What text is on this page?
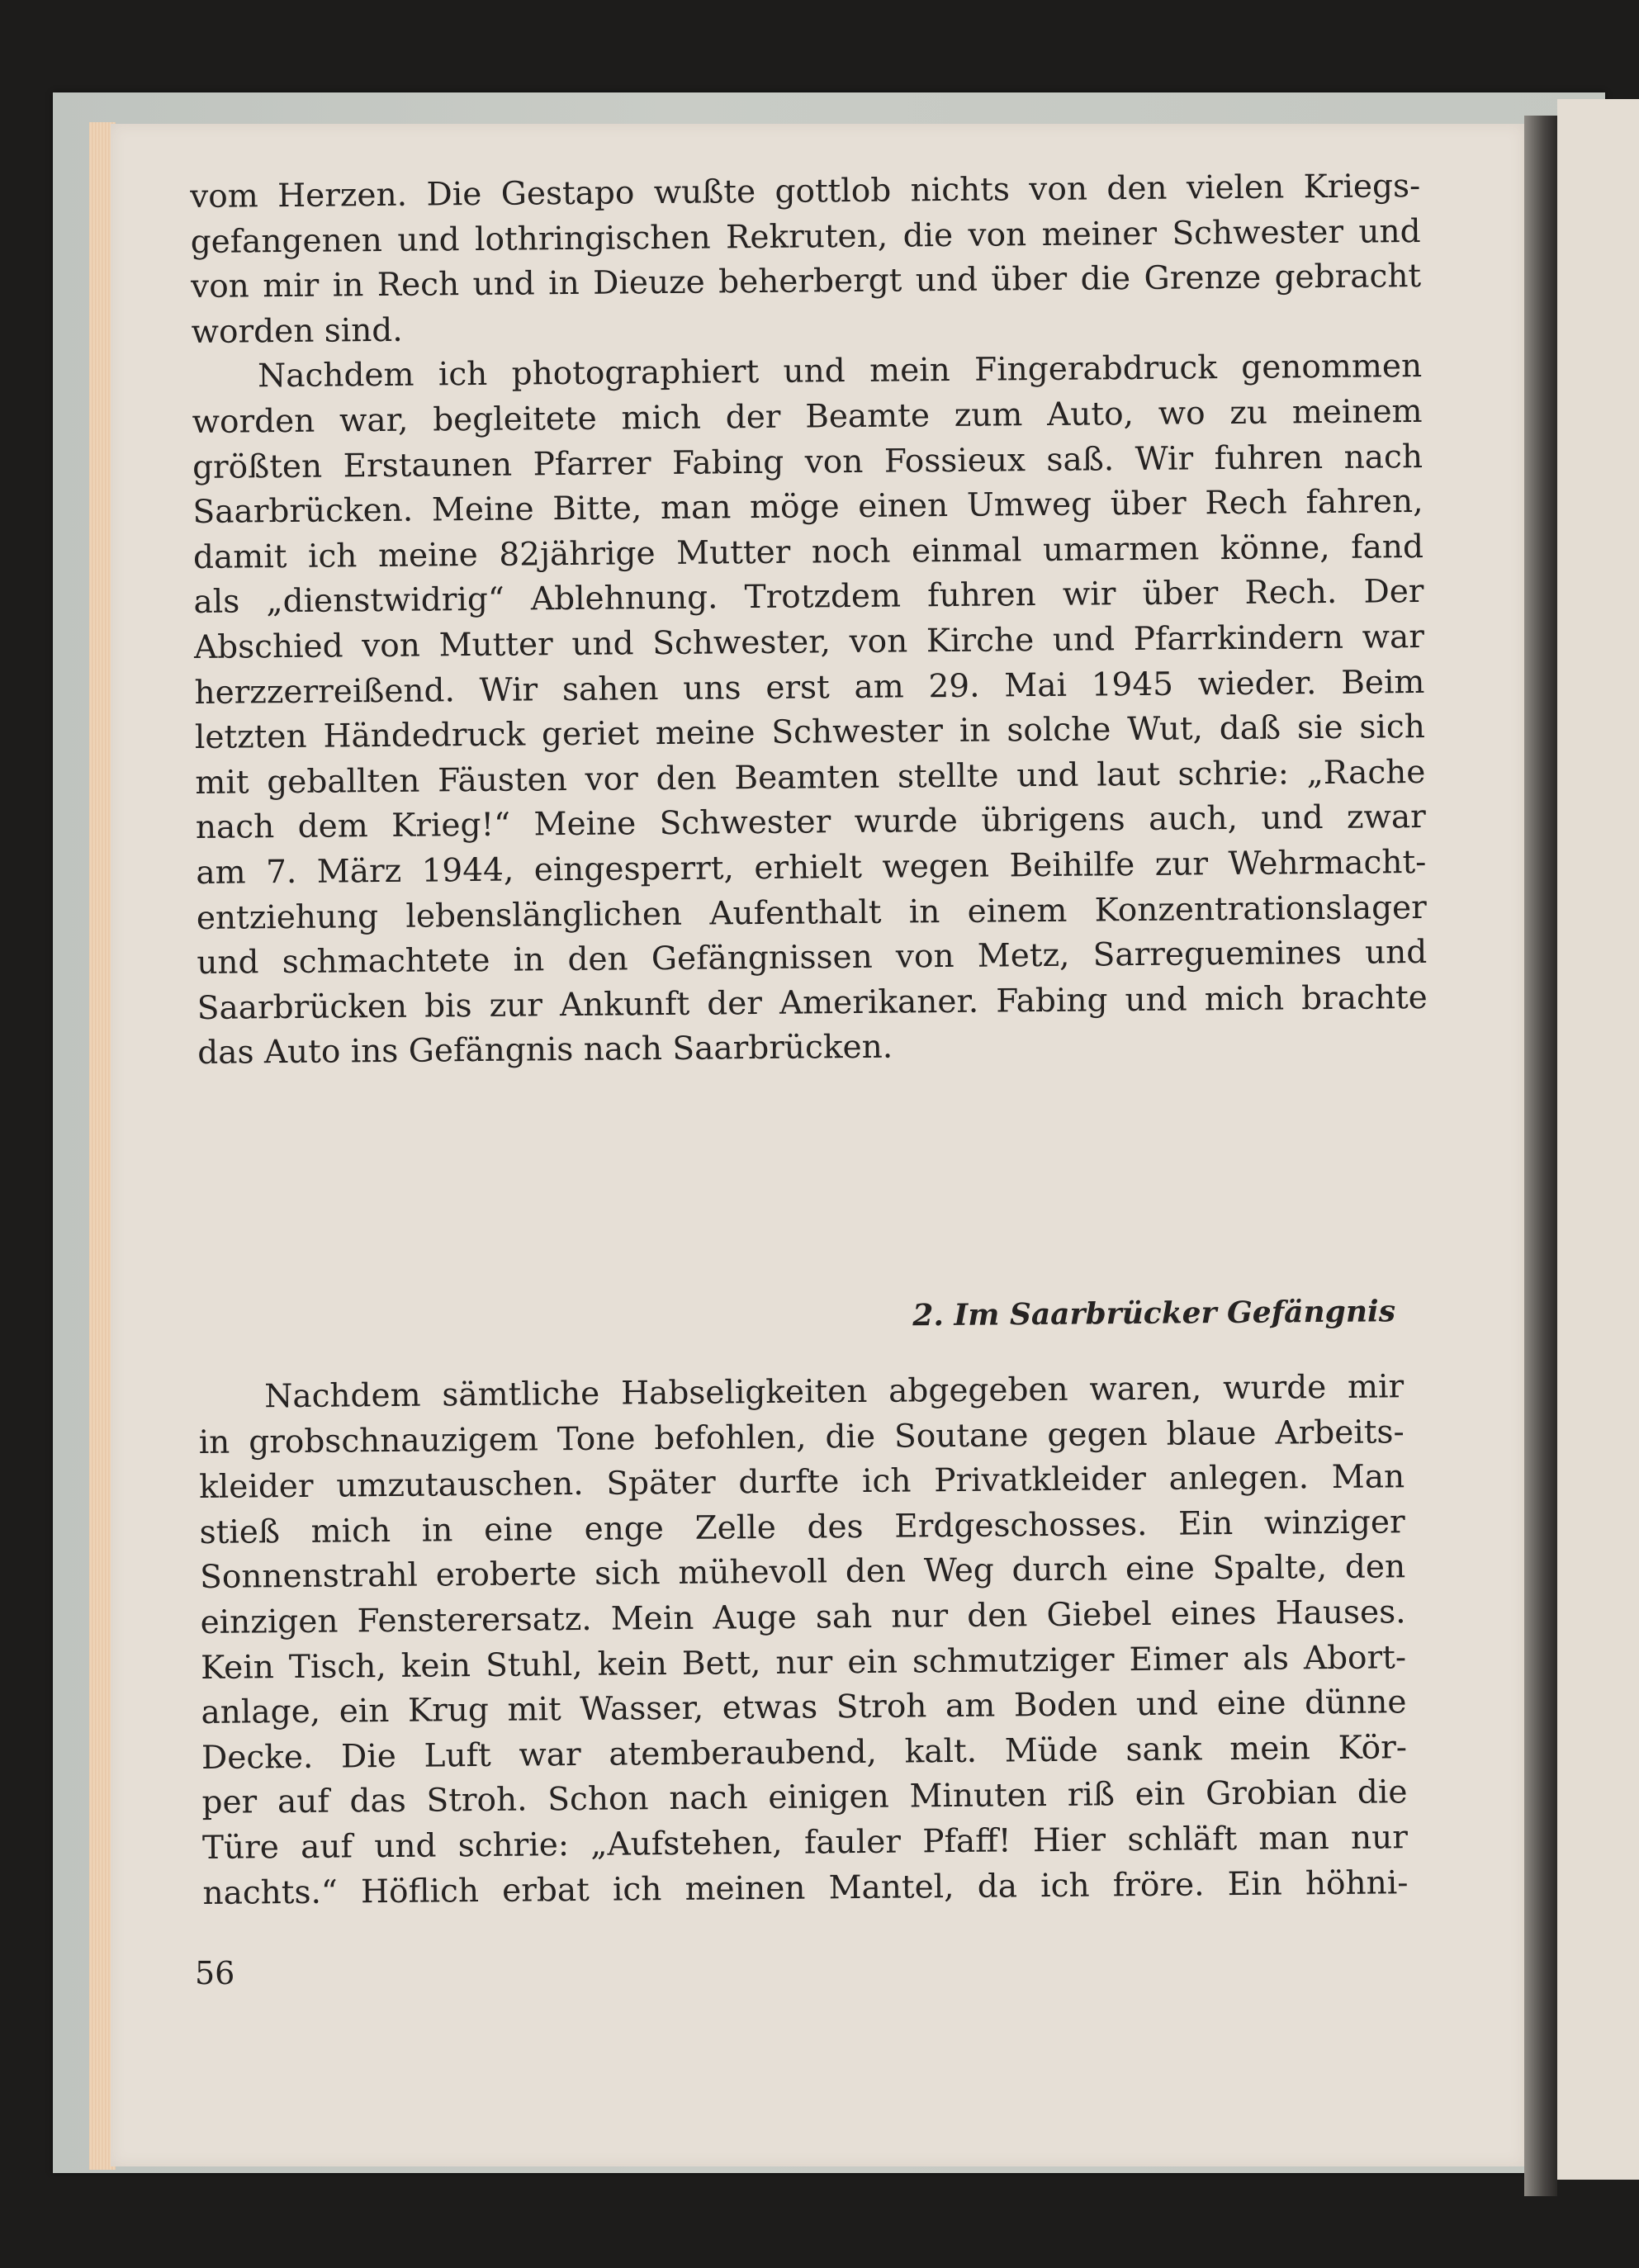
vom Herzen. Die Gestapo wußte gottlob nichts von den vielen Kriegs-
gefangenen und lothringischen Rekruten, die von meiner Schwester und
von mir in Rech und in Dieuze beherbergt und über die Grenze gebracht
worden sind.
Nachdem ich photographiert und mein Fingerabdruck genommen
worden war, begleitete mich der Beamte zum Auto, wo zu meinem
größten Erstaunen Pfarrer Fabing von Fossieux saß. Wir fuhren nach
Saarbrücken. Meine Bitte, man möge einen Umweg über Rech fahren,
damit ich meine 82jährige Mutter noch einmal umarmen könne, fand
als „dienstwidrig“ Ablehnung. Trotzdem fuhren wir über Rech. Der
Abschied von Mutter und Schwester, von Kirche und Pfarrkindern war
herzzerreißend. Wir sahen uns erst am 29. Mai 1945 wieder. Beim
letzten Händedruck geriet meine Schwester in solche Wut, daß sie sich
mit geballten Fäusten vor den Beamten stellte und laut schrie: „Rache
nach dem Krieg!“ Meine Schwester wurde übrigens auch, und zwar
am 7. März 1944, eingesperrt, erhielt wegen Beihilfe zur Wehrmacht-
entziehung lebenslänglichen Aufenthalt in einem Konzentrationslager
und schmachtete in den Gefängnissen von Metz, Sarreguemines und
Saarbrücken bis zur Ankunft der Amerikaner. Fabing und mich brachte
das Auto ins Gefängnis nach Saarbrücken.
2. Im Saarbrücker Gefängnis
Nachdem sämtliche Habseligkeiten abgegeben waren, wurde mir
in grobschnauzigem Tone befohlen, die Soutane gegen blaue Arbeits-
kleider umzutauschen. Später durfte ich Privatkleider anlegen. Man
stieß mich in eine enge Zelle des Erdgeschosses. Ein winziger
Sonnenstrahl eroberte sich mühevoll den Weg durch eine Spalte, den
einzigen Fensterersatz. Mein Auge sah nur den Giebel eines Hauses.
Kein Tisch, kein Stuhl, kein Bett, nur ein schmutziger Eimer als Abort-
anlage, ein Krug mit Wasser, etwas Stroh am Boden und eine dünne
Decke. Die Luft war atemberaubend, kalt. Müde sank mein Kör-
per auf das Stroh. Schon nach einigen Minuten riß ein Grobian die
Türe auf und schrie: „Aufstehen, fauler Pfaff! Hier schläft man nur
nachts.“ Höflich erbat ich meinen Mantel, da ich fröre. Ein höhni-
56
